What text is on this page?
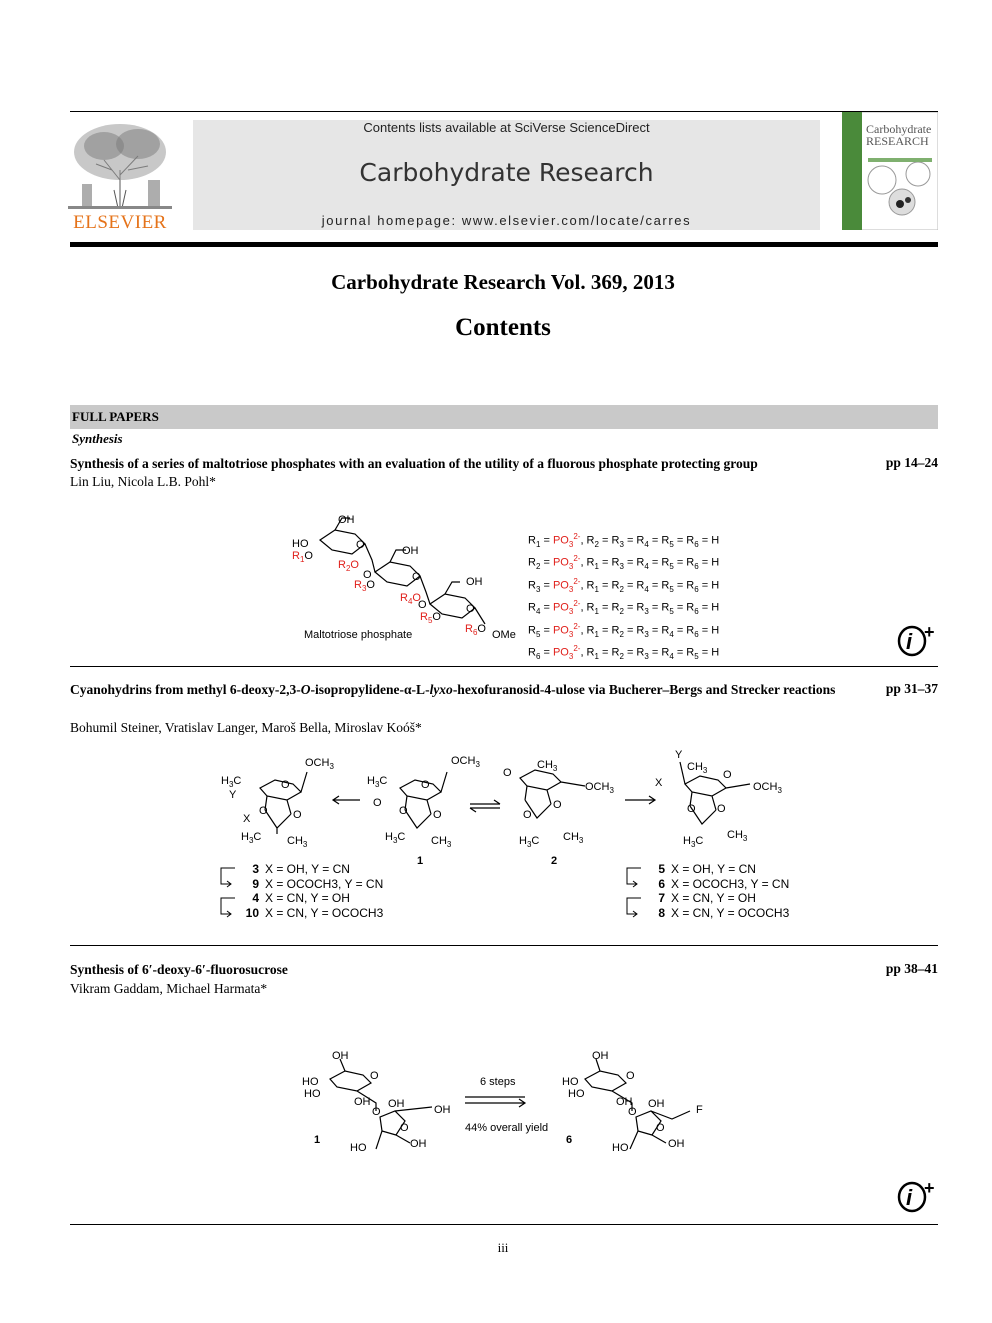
ELSEVIER
Contents lists available at SciVerse ScienceDirect
Carbohydrate Research
journal homepage: www.elsevier.com/locate/carres
Carbohydrate
RESEARCH
Carbohydrate Research Vol. 369, 2013
Contents
FULL PAPERS
Synthesis
Synthesis of a series of maltotriose phosphates with an evaluation of the utility of a fluorous phosphate protecting group	pp 14–24
Lin Liu, Nicola L.B. Pohl*
OH
HO
$R_1O$
O	OH
$R_2O$
O
$R_3O$
O	OH
$R_4O$
O
$R_5O$
O
$R_6O$ OMe
Maltotriose phosphate
$R_1 = PO_3^{2-}$, $R_2 = R_3 = R_4 = R_5 = R_6 = H$
$R_2 = PO_3^{2-}$, $R_1 = R_3 = R_4 = R_5 = R_6 = H$
$R_3 = PO_3^{2-}$, $R_1 = R_2 = R_4 = R_5 = R_6 = H$
$R_4 = PO_3^{2-}$, $R_1 = R_2 = R_3 = R_5 = R_6 = H$
$R_5 = PO_3^{2-}$, $R_1 = R_2 = R_3 = R_4 = R_6 = H$
$R_6 = PO_3^{2-}$, $R_1 = R_2 = R_3 = R_4 = R_5 = H$	i +
Cyanohydrins from methyl 6-deoxy-2,3-O-isopropylidene-α-L-lyxo-hexofuranosid-4-ulose via Bucherer–Bergs and Strecker reactions	pp 31–37
Bohumil Steiner, Vratislav Langer, Maroš Bella, Miroslav Koóš*
$OCH_3$
$H_3C$
Y
X
O
O O
$H_3C$ $CH_3$
$OCH_3$
$H_3C$
O
O
O O
$H_3C$ $CH_3$
1
O
$CH_3$
$OCH_3$
O
O
$H_3C$ $CH_3$
2
Y
$CH_3$
X
O
$OCH_3$
O O
$H_3C$ $CH_3$
3 X = OH, Y = CN
9 X = OCOCH3, Y = CN
4 X = CN, Y = OH
10 X = CN, Y = OCOCH3
5 X = OH, Y = CN
6 X = OCOCH3, Y = CN
7 X = CN, Y = OH
8 X = CN, Y = OCOCH3
Synthesis of 6′-deoxy-6′-fluorosucrose	pp 38–41
Vikram Gaddam, Michael Harmata*
OH
HO
HO
O
OH
O
OH	OH
O
HO	OH
1
6 steps
44% overall yield
OH
HO
HO
O
OH
O
OH	F
O
HO	OH
6
i +
iii
